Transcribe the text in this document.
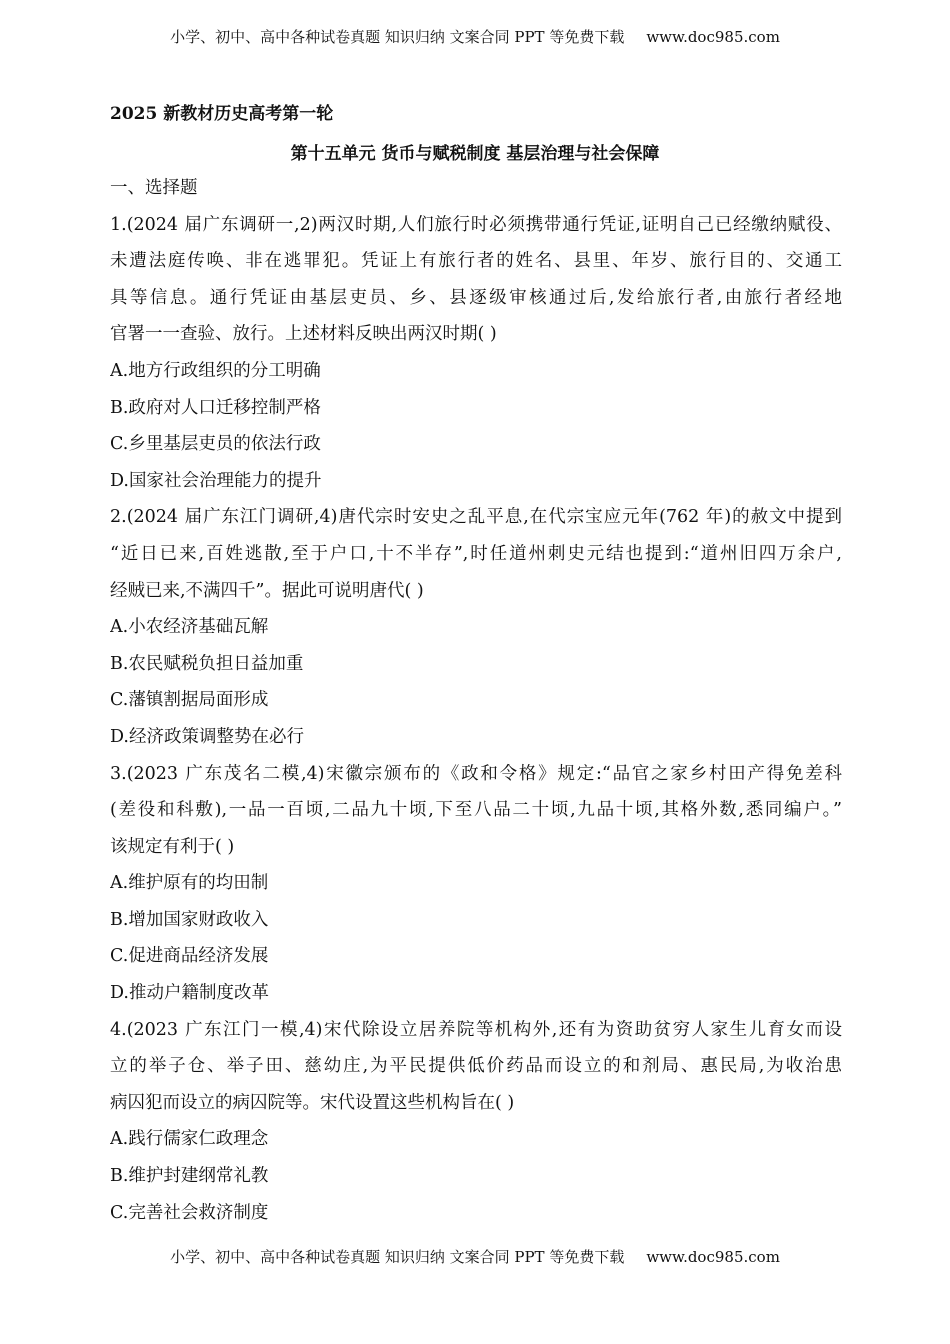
小学、初中、高中各种试卷真题 知识归纳 文案合同 PPT 等免费下载 www.doc985.com
2025 新教材历史高考第一轮
第十五单元 货币与赋税制度 基层治理与社会保障
一、选择题
1.(2024 届广东调研一,2)两汉时期,人们旅行时必须携带通行凭证,证明自己已经缴纳赋役、
未遭法庭传唤、非在逃罪犯。凭证上有旅行者的姓名、县里、年岁、旅行目的、交通工
具等信息。通行凭证由基层吏员、乡、县逐级审核通过后,发给旅行者,由旅行者经地
官署一一查验、放行。上述材料反映出两汉时期( )
A.地方行政组织的分工明确
B.政府对人口迁移控制严格
C.乡里基层吏员的依法行政
D.国家社会治理能力的提升
2.(2024 届广东江门调研,4)唐代宗时安史之乱平息,在代宗宝应元年(762 年)的赦文中提到
“近日已来,百姓逃散,至于户口,十不半存”,时任道州刺史元结也提到:“道州旧四万余户,
经贼已来,不满四千”。据此可说明唐代( )
A.小农经济基础瓦解
B.农民赋税负担日益加重
C.藩镇割据局面形成
D.经济政策调整势在必行
3.(2023 广东茂名二模,4)宋徽宗颁布的《政和令格》规定:“品官之家乡村田产得免差科
(差役和科敷),一品一百顷,二品九十顷,下至八品二十顷,九品十顷,其格外数,悉同编户。”
该规定有利于( )
A.维护原有的均田制
B.增加国家财政收入
C.促进商品经济发展
D.推动户籍制度改革
4.(2023 广东江门一模,4)宋代除设立居养院等机构外,还有为资助贫穷人家生儿育女而设
立的举子仓、举子田、慈幼庄,为平民提供低价药品而设立的和剂局、惠民局,为收治患
病囚犯而设立的病囚院等。宋代设置这些机构旨在( )
A.践行儒家仁政理念
B.维护封建纲常礼教
C.完善社会救济制度
小学、初中、高中各种试卷真题 知识归纳 文案合同 PPT 等免费下载 www.doc985.com
